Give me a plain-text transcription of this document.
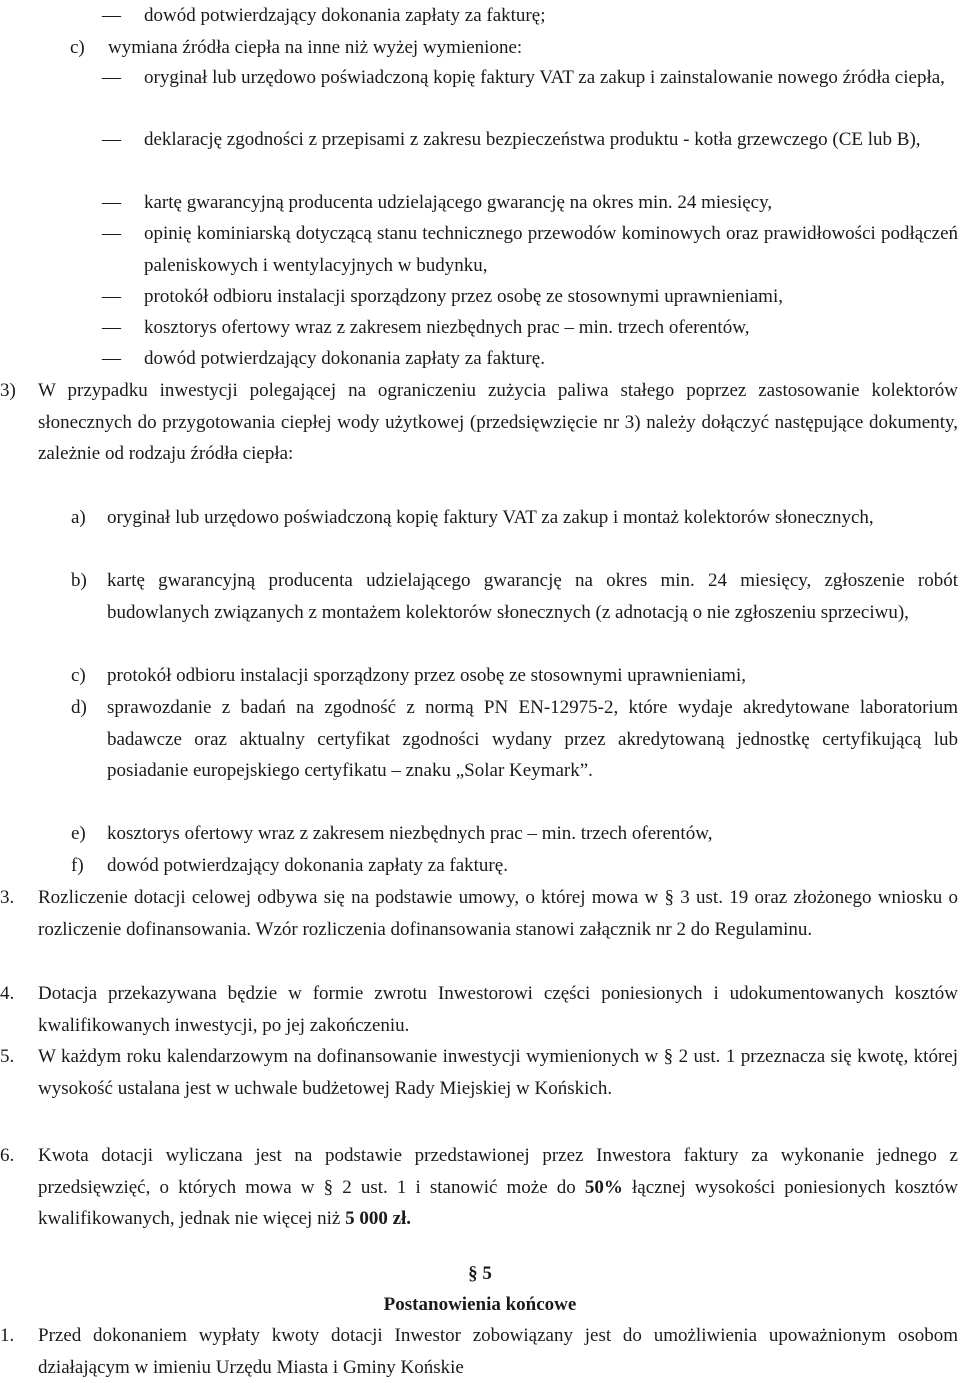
— dowód potwierdzający dokonania zapłaty za fakturę;
c) wymiana źródła ciepła na inne niż wyżej wymienione:
— oryginał lub urzędowo poświadczoną kopię faktury VAT za zakup i zainstalowanie nowego źródła ciepła,
— deklarację zgodności z przepisami z zakresu bezpieczeństwa produktu - kotła grzewczego (CE lub B),
— kartę gwarancyjną producenta udzielającego gwarancję na okres min. 24 miesięcy,
— opinię kominiarską dotyczącą stanu technicznego przewodów kominowych oraz prawidłowości podłączeń paleniskowych i wentylacyjnych w budynku,
— protokół odbioru instalacji sporządzony przez osobę ze stosownymi uprawnieniami,
— kosztorys ofertowy wraz z zakresem niezbędnych prac – min. trzech oferentów,
— dowód potwierdzający dokonania zapłaty za fakturę.
3) W przypadku inwestycji polegającej na ograniczeniu zużycia paliwa stałego poprzez zastosowanie kolektorów słonecznych do przygotowania ciepłej wody użytkowej (przedsięwzięcie nr 3) należy dołączyć następujące dokumenty, zależnie od rodzaju źródła ciepła:
a) oryginał lub urzędowo poświadczoną kopię faktury VAT za zakup i montaż kolektorów słonecznych,
b) kartę gwarancyjną producenta udzielającego gwarancję na okres min. 24 miesięcy, zgłoszenie robót budowlanych związanych z montażem kolektorów słonecznych (z adnotacją o nie zgłoszeniu sprzeciwu),
c) protokół odbioru instalacji sporządzony przez osobę ze stosownymi uprawnieniami,
d) sprawozdanie z badań na zgodność z normą PN EN-12975-2, które wydaje akredytowane laboratorium badawcze oraz aktualny certyfikat zgodności wydany przez akredytowaną jednostkę certyfikującą lub posiadanie europejskiego certyfikatu – znaku „Solar Keymark”.
e) kosztorys ofertowy wraz z zakresem niezbędnych prac – min. trzech oferentów,
f) dowód potwierdzający dokonania zapłaty za fakturę.
3. Rozliczenie dotacji celowej odbywa się na podstawie umowy, o której mowa w § 3 ust. 19 oraz złożonego wniosku o rozliczenie dofinansowania. Wzór rozliczenia dofinansowania stanowi załącznik nr 2 do Regulaminu.
4. Dotacja przekazywana będzie w formie zwrotu Inwestorowi części poniesionych i udokumentowanych kosztów kwalifikowanych inwestycji, po jej zakończeniu.
5. W każdym roku kalendarzowym na dofinansowanie inwestycji wymienionych w § 2 ust. 1 przeznacza się kwotę, której wysokość ustalana jest w uchwale budżetowej Rady Miejskiej w Końskich.
6. Kwota dotacji wyliczana jest na podstawie przedstawionej przez Inwestora faktury za wykonanie jednego z przedsięwzięć, o których mowa w § 2 ust. 1 i stanowić może do 50% łącznej wysokości poniesionych kosztów kwalifikowanych, jednak nie więcej niż 5 000 zł.
§ 5
Postanowienia końcowe
1. Przed dokonaniem wypłaty kwoty dotacji Inwestor zobowiązany jest do umożliwienia upoważnionym osobom działającym w imieniu Urzędu Miasta i Gminy Końskie
